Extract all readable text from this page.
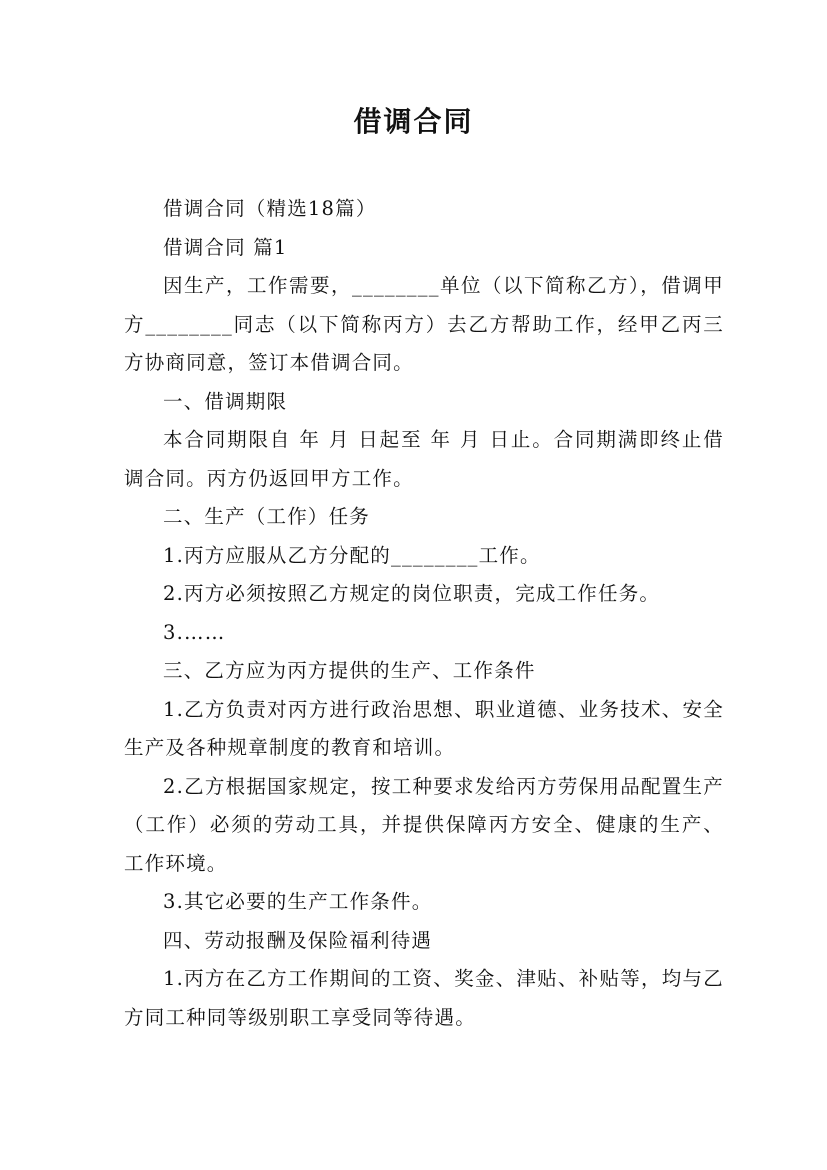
借调合同

借调合同（精选18篇）

借调合同 篇1

因生产，工作需要，________单位（以下简称乙方），借调甲方________同志（以下简称丙方）去乙方帮助工作，经甲乙丙三方协商同意，签订本借调合同。

一、借调期限

本合同期限自 年 月 日起至 年 月 日止。合同期满即终止借调合同。丙方仍返回甲方工作。

二、生产（工作）任务

1.丙方应服从乙方分配的________工作。

2.丙方必须按照乙方规定的岗位职责，完成工作任务。

3.……

三、乙方应为丙方提供的生产、工作条件

1.乙方负责对丙方进行政治思想、职业道德、业务技术、安全生产及各种规章制度的教育和培训。

2.乙方根据国家规定，按工种要求发给丙方劳保用品配置生产（工作）必须的劳动工具，并提供保障丙方安全、健康的生产、工作环境。

3.其它必要的生产工作条件。

四、劳动报酬及保险福利待遇

1.丙方在乙方工作期间的工资、奖金、津贴、补贴等，均与乙方同工种同等级别职工享受同等待遇。
